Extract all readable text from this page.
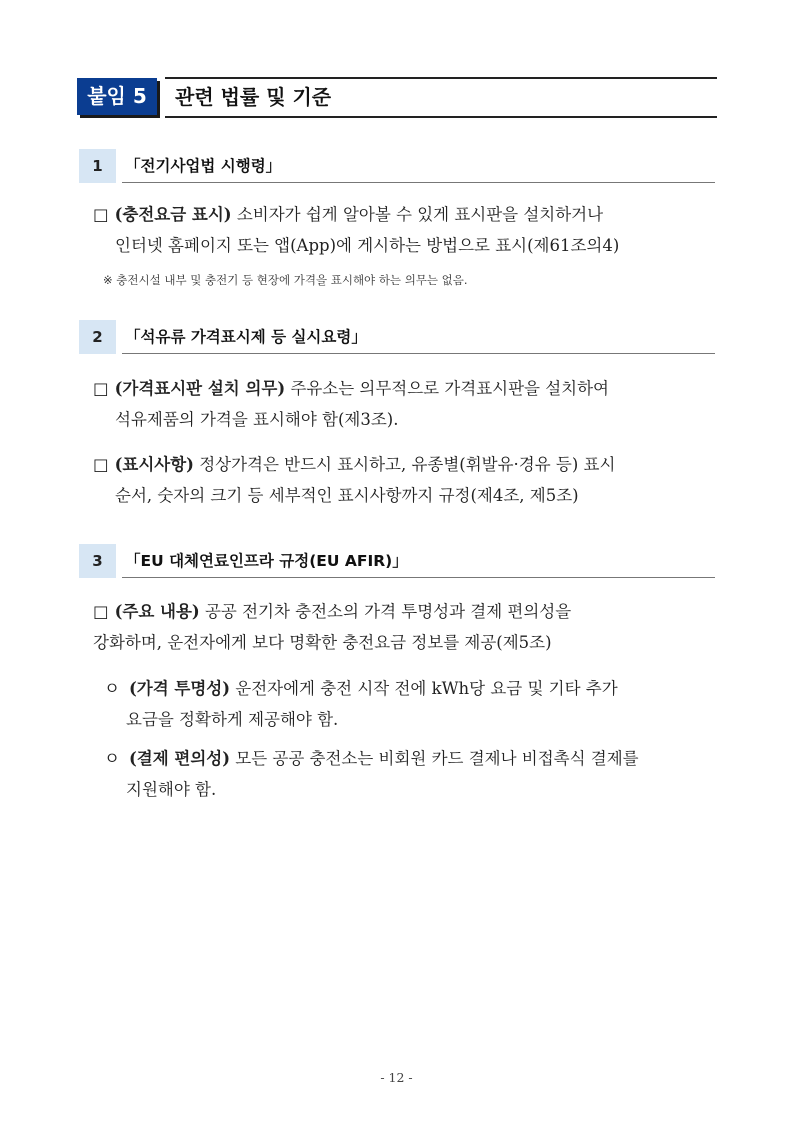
붙임 5	관련 법률 및 기준
1	「전기사업법 시행령」
□ (충전요금 표시) 소비자가 쉽게 알아볼 수 있게 표시판을 설치하거나
인터넷 홈페이지 또는 앱(App)에 게시하는 방법으로 표시(제61조의4)
※ 충전시설 내부 및 충전기 등 현장에 가격을 표시해야 하는 의무는 없음.
2	「석유류 가격표시제 등 실시요령」
□ (가격표시판 설치 의무) 주유소는 의무적으로 가격표시판을 설치하여
석유제품의 가격을 표시해야 함(제3조).
□ (표시사항) 정상가격은 반드시 표시하고, 유종별(휘발유·경유 등) 표시
순서, 숫자의 크기 등 세부적인 표시사항까지 규정(제4조, 제5조)
3	「EU 대체연료인프라 규정(EU AFIR)」
□ (주요 내용) 공공 전기차 충전소의 가격 투명성과 결제 편의성을
강화하며, 운전자에게 보다 명확한 충전요금 정보를 제공(제5조)
ㅇ (가격 투명성) 운전자에게 충전 시작 전에 kWh당 요금 및 기타 추가
요금을 정확하게 제공해야 함.
ㅇ (결제 편의성) 모든 공공 충전소는 비회원 카드 결제나 비접촉식 결제를
지원해야 함.
- 12 -
